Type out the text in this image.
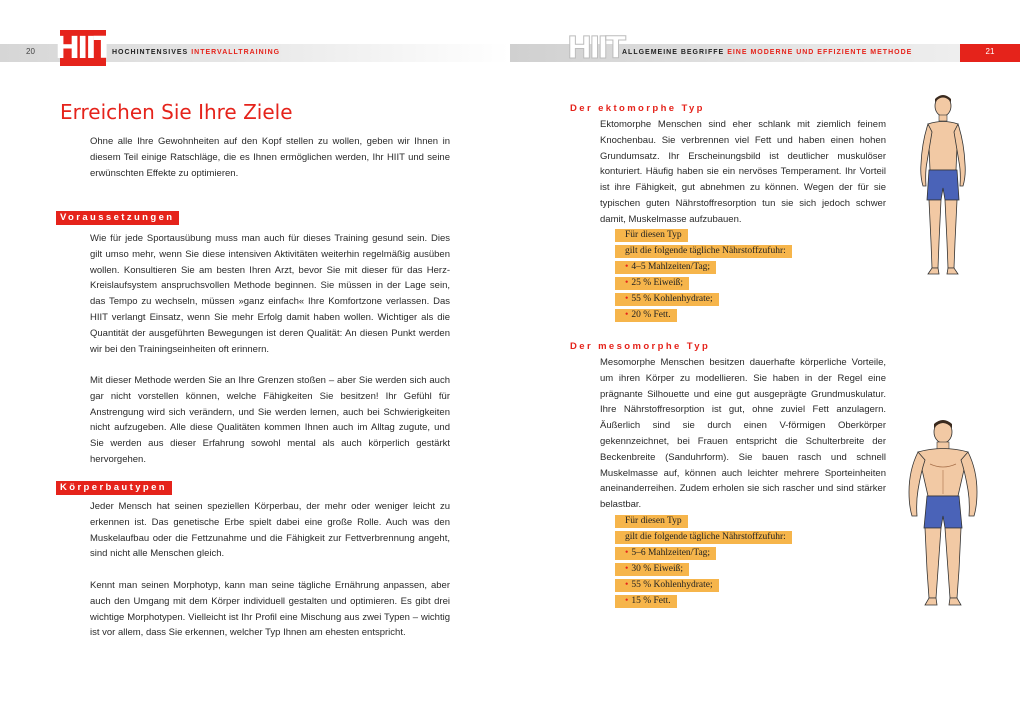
20 HIIT HOCHINTENSIVES INTERVALLTRAINING
Erreichen Sie Ihre Ziele

Ohne alle Ihre Gewohnheiten auf den Kopf stellen zu wollen, geben wir Ihnen in diesem Teil einige Ratschläge, die es Ihnen ermöglichen werden, Ihr HIIT und seine erwünschten Effekte zu optimieren.

Voraussetzungen

Wie für jede Sportausübung muss man auch für dieses Training gesund sein. Dies gilt umso mehr, wenn Sie diese intensiven Aktivitäten weiterhin regelmäßig ausüben wollen. Konsultieren Sie am besten Ihren Arzt, bevor Sie mit dieser für das Herz-Kreislaufsystem anspruchsvollen Methode beginnen. Sie müssen in der Lage sein, das Tempo zu wechseln, müssen »ganz einfach« Ihre Komfortzone verlassen. Das HIIT verlangt Einsatz, wenn Sie mehr Erfolg damit haben wollen. Wichtiger als die Quantität der ausgeführten Bewegungen ist deren Qualität: An diesen Punkt werden wir bei den Trainingseinheiten oft erinnern.

Mit dieser Methode werden Sie an Ihre Grenzen stoßen – aber Sie werden sich auch gar nicht vorstellen können, welche Fähigkeiten Sie besitzen! Ihr Gefühl für Anstrengung wird sich verändern, und Sie werden lernen, auch bei Schwierigkeiten nicht aufzugeben. Alle diese Qualitäten kommen Ihnen auch im Alltag zugute, und Sie werden aus dieser Erfahrung sowohl mental als auch körperlich gestärkt hervorgehen.

Körperbautypen

Jeder Mensch hat seinen speziellen Körperbau, der mehr oder weniger leicht zu erkennen ist. Das genetische Erbe spielt dabei eine große Rolle. Auch was den Muskelaufbau oder die Fettzunahme und die Fähigkeit zur Fettverbrennung angeht, sind nicht alle Menschen gleich.

Kennt man seinen Morphotyp, kann man seine tägliche Ernährung anpassen, aber auch den Umgang mit dem Körper individuell gestalten und optimieren. Es gibt drei wichtige Morphotypen. Vielleicht ist Ihr Profil eine Mischung aus zwei Typen – wichtig ist vor allem, dass Sie erkennen, welcher Typ Ihnen am ehesten entspricht.

HIIT ALLGEMEINE BEGRIFFE EINE MODERNE UND EFFIZIENTE METHODE	21
Der ektomorphe Typ

Ektomorphe Menschen sind eher schlank mit ziemlich feinem Knochenbau. Sie verbrennen viel Fett und haben einen hohen Grundumsatz. Ihr Erscheinungsbild ist deutlicher muskulöser konturiert. Häufig haben sie ein nervöses Temperament. Ihr Vorteil ist ihre Fähigkeit, gut abnehmen zu können. Wegen der für sie typischen guten Nährstoffresorption tun sie sich jedoch schwer damit, Muskelmasse aufzubauen.

Für diesen Typ
gilt die folgende tägliche Nährstoffzufuhr:
• 4–5 Mahlzeiten/Tag;
• 25 % Eiweiß;
• 55 % Kohlenhydrate;
• 20 % Fett.
Der mesomorphe Typ

Mesomorphe Menschen besitzen dauerhafte körperliche Vorteile, um ihren Körper zu modellieren. Sie haben in der Regel eine prägnante Silhouette und eine gut ausgeprägte Grundmuskulatur. Ihre Nährstoffresorption ist gut, ohne zuviel Fett anzulagern. Äußerlich sind sie durch einen V-förmigen Oberkörper gekennzeichnet, bei Frauen entspricht die Schulterbreite der Beckenbreite (Sanduhrform). Sie bauen rasch und schnell Muskelmasse auf, können auch leichter mehrere Sporteinheiten aneinanderreihen. Zudem erholen sie sich rascher und sind stärker belastbar.

Für diesen Typ
gilt die folgende tägliche Nährstoffzufuhr:
• 5–6 Mahlzeiten/Tag;
• 30 % Eiweiß;
• 55 % Kohlenhydrate;
• 15 % Fett.
